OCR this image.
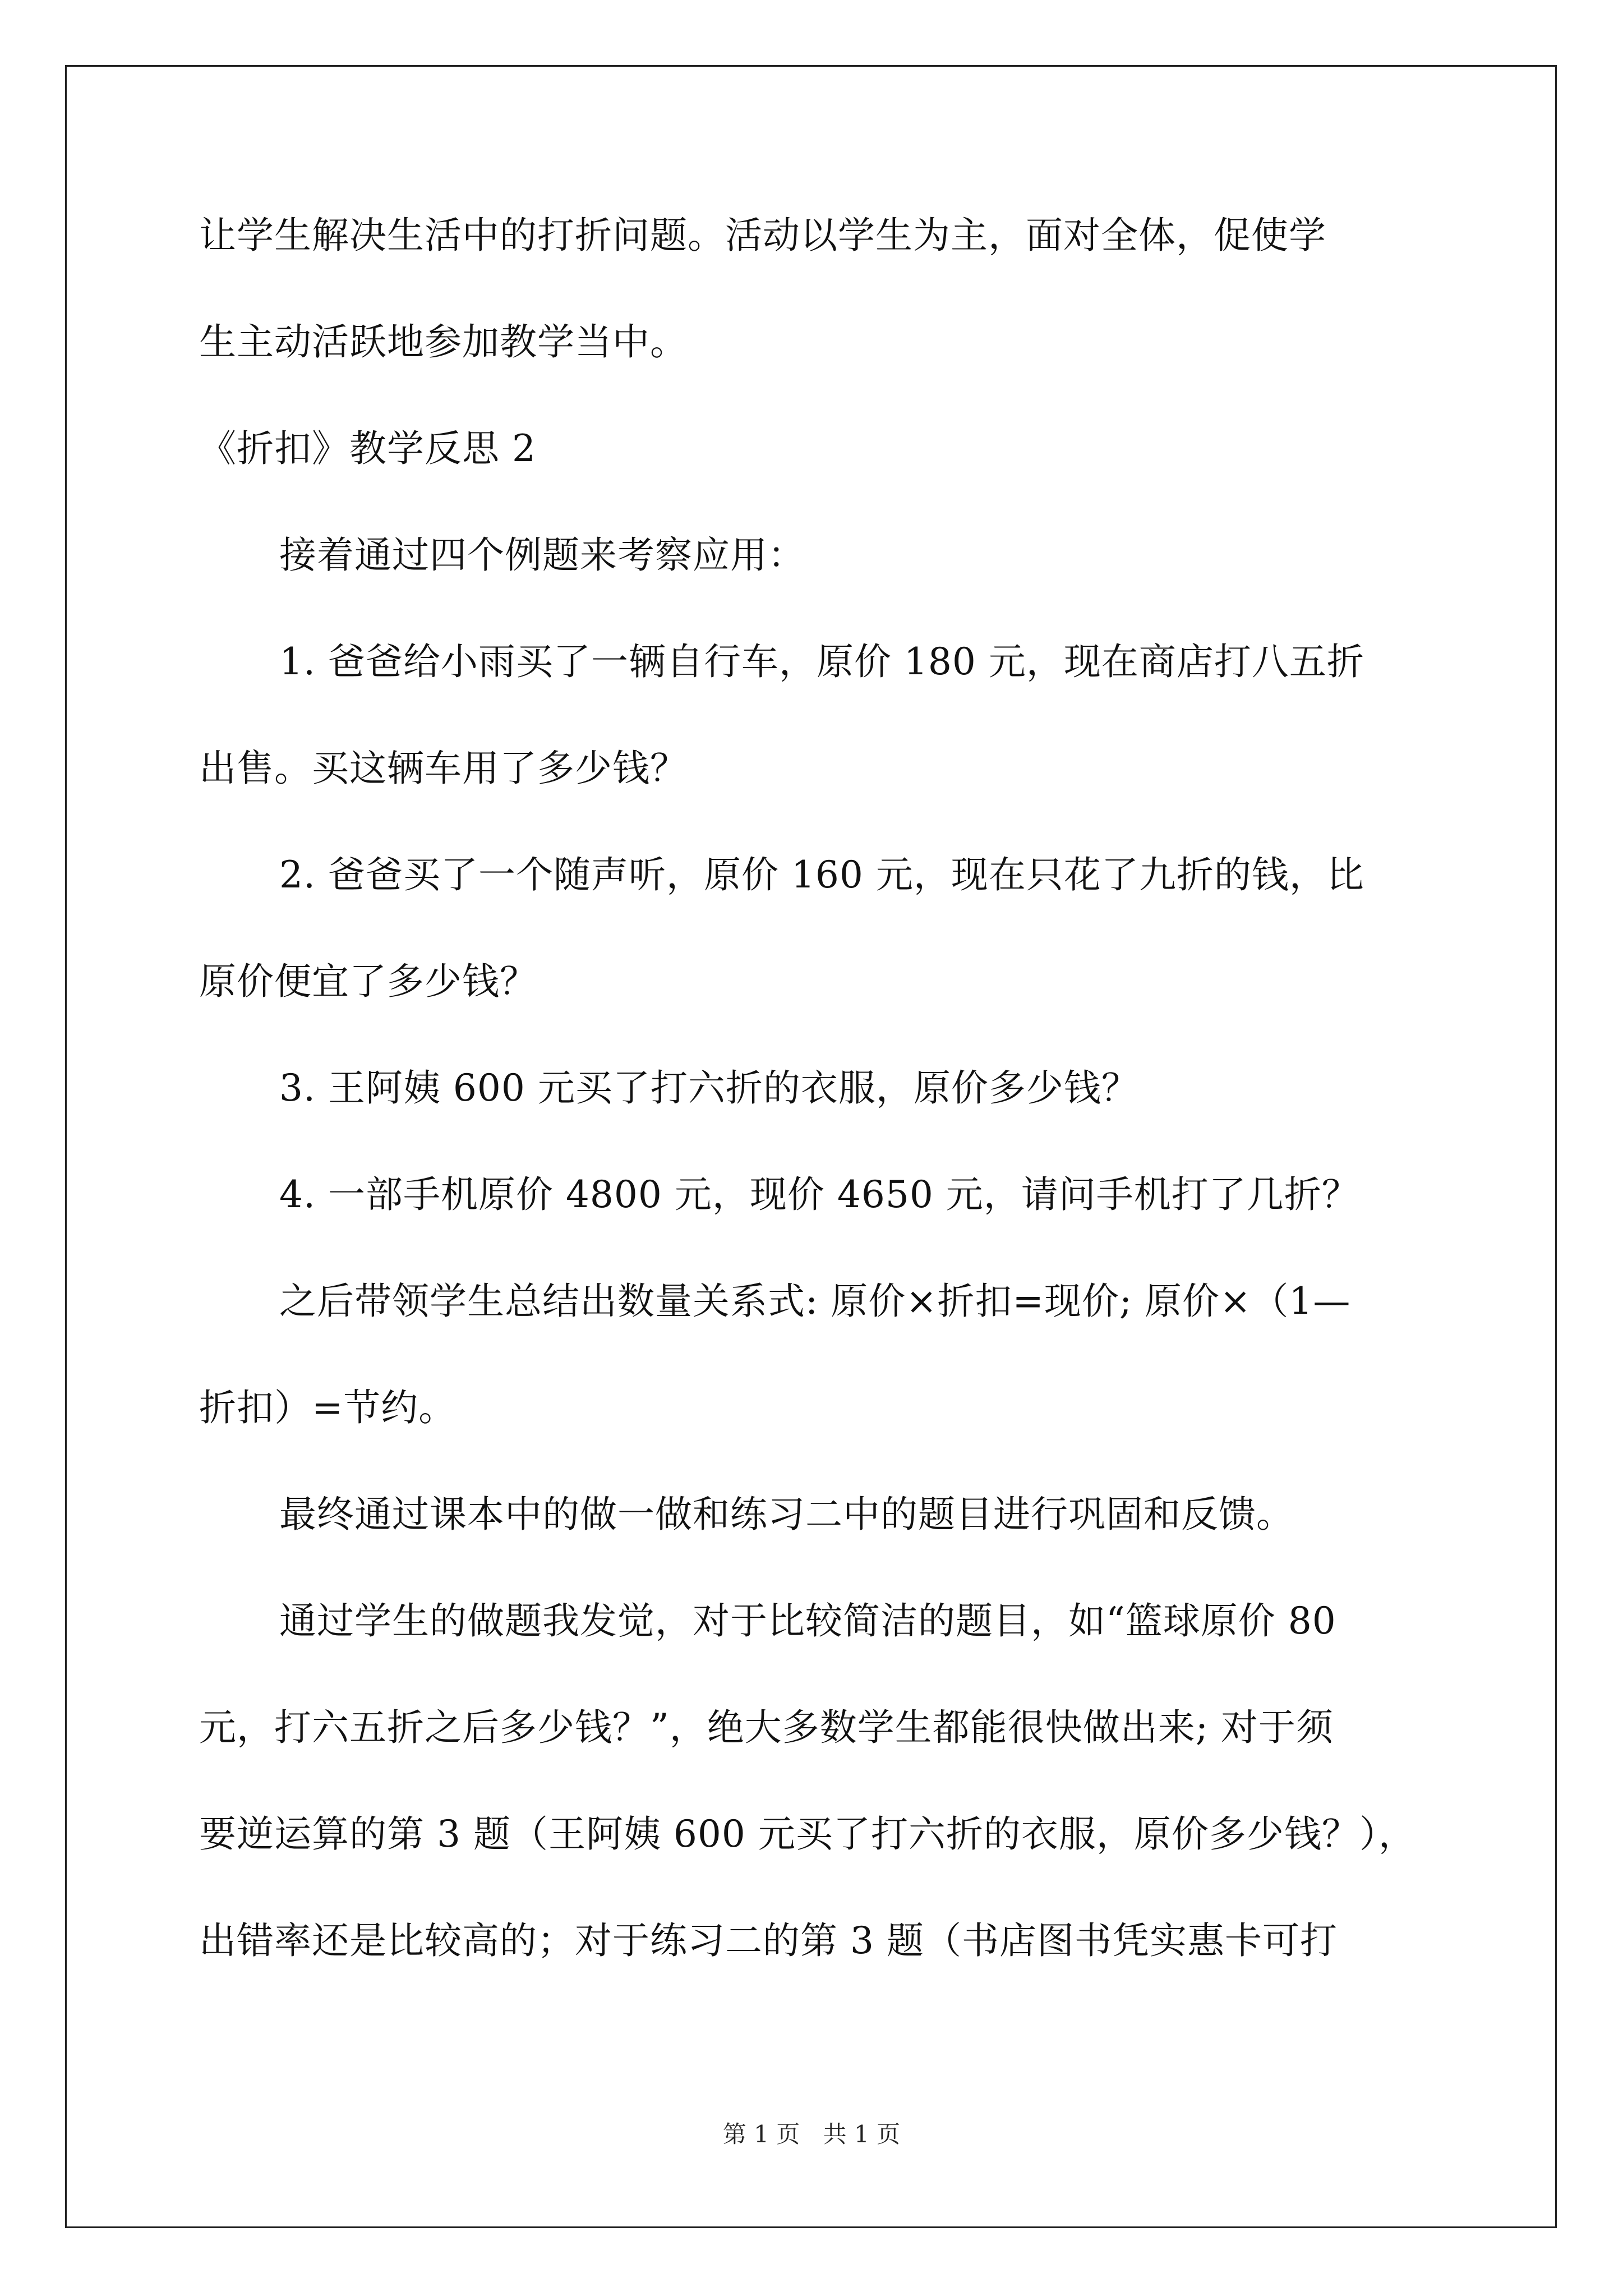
让学生解决生活中的打折问题。活动以学生为主，面对全体，促使学
生主动活跃地参加教学当中。
《折扣》教学反思 2
接着通过四个例题来考察应用：
1. 爸爸给小雨买了一辆自行车，原价 180 元，现在商店打八五折
出售。买这辆车用了多少钱？
2. 爸爸买了一个随声听，原价 160 元，现在只花了九折的钱，比
原价便宜了多少钱？
3. 王阿姨 600 元买了打六折的衣服，原价多少钱？
4. 一部手机原价 4800 元，现价 4650 元，请问手机打了几折？
之后带领学生总结出数量关系式: 原价×折扣=现价; 原价×（1—
折扣）=节约。
最终通过课本中的做一做和练习二中的题目进行巩固和反馈。
通过学生的做题我发觉，对于比较简洁的题目，如“篮球原价 80
元，打六五折之后多少钱？”，绝大多数学生都能很快做出来; 对于须
要逆运算的第 3 题（王阿姨 600 元买了打六折的衣服，原价多少钱？），
出错率还是比较高的；对于练习二的第 3 题（书店图书凭实惠卡可打
第 1 页 共 1 页
